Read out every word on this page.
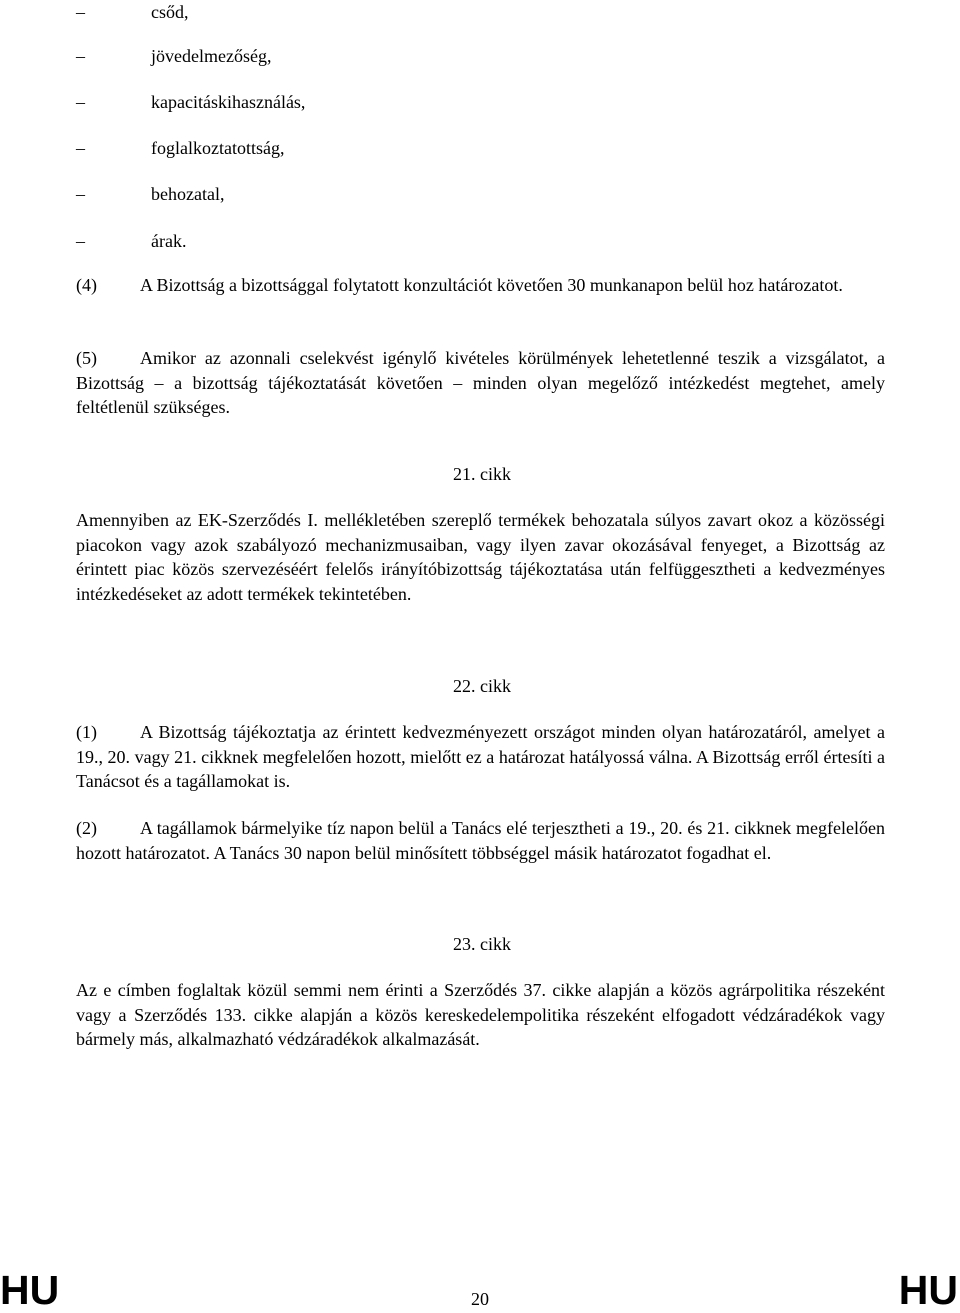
–	csőd,
–	jövedelmezőség,
–	kapacitáskihasználás,
–	foglalkoztatottság,
–	behozatal,
–	árak.
(4) A Bizottság a bizottsággal folytatott konzultációt követően 30 munkanapon belül hoz határozatot.
(5) Amikor az azonnali cselekvést igénylő kivételes körülmények lehetetlenné teszik a vizsgálatot, a Bizottság – a bizottság tájékoztatását követően – minden olyan megelőző intézkedést megtehet, amely feltétlenül szükséges.
21. cikk
Amennyiben az EK-Szerződés I. mellékletében szereplő termékek behozatala súlyos zavart okoz a közösségi piacokon vagy azok szabályozó mechanizmusaiban, vagy ilyen zavar okozásával fenyeget, a Bizottság az érintett piac közös szervezéséért felelős irányítóbizottság tájékoztatása után felfüggesztheti a kedvezményes intézkedéseket az adott termékek tekintetében.
22. cikk
(1) A Bizottság tájékoztatja az érintett kedvezményezett országot minden olyan határozatáról, amelyet a 19., 20. vagy 21. cikknek megfelelően hozott, mielőtt ez a határozat hatályossá válna. A Bizottság erről értesíti a Tanácsot és a tagállamokat is.
(2) A tagállamok bármelyike tíz napon belül a Tanács elé terjesztheti a 19., 20. és 21. cikknek megfelelően hozott határozatot. A Tanács 30 napon belül minősített többséggel másik határozatot fogadhat el.
23. cikk
Az e címben foglaltak közül semmi nem érinti a Szerződés 37. cikke alapján a közös agrárpolitika részeként vagy a Szerződés 133. cikke alapján a közös kereskedelempolitika részeként elfogadott védzáradékok vagy bármely más, alkalmazható védzáradékok alkalmazását.
HU	20	HU
